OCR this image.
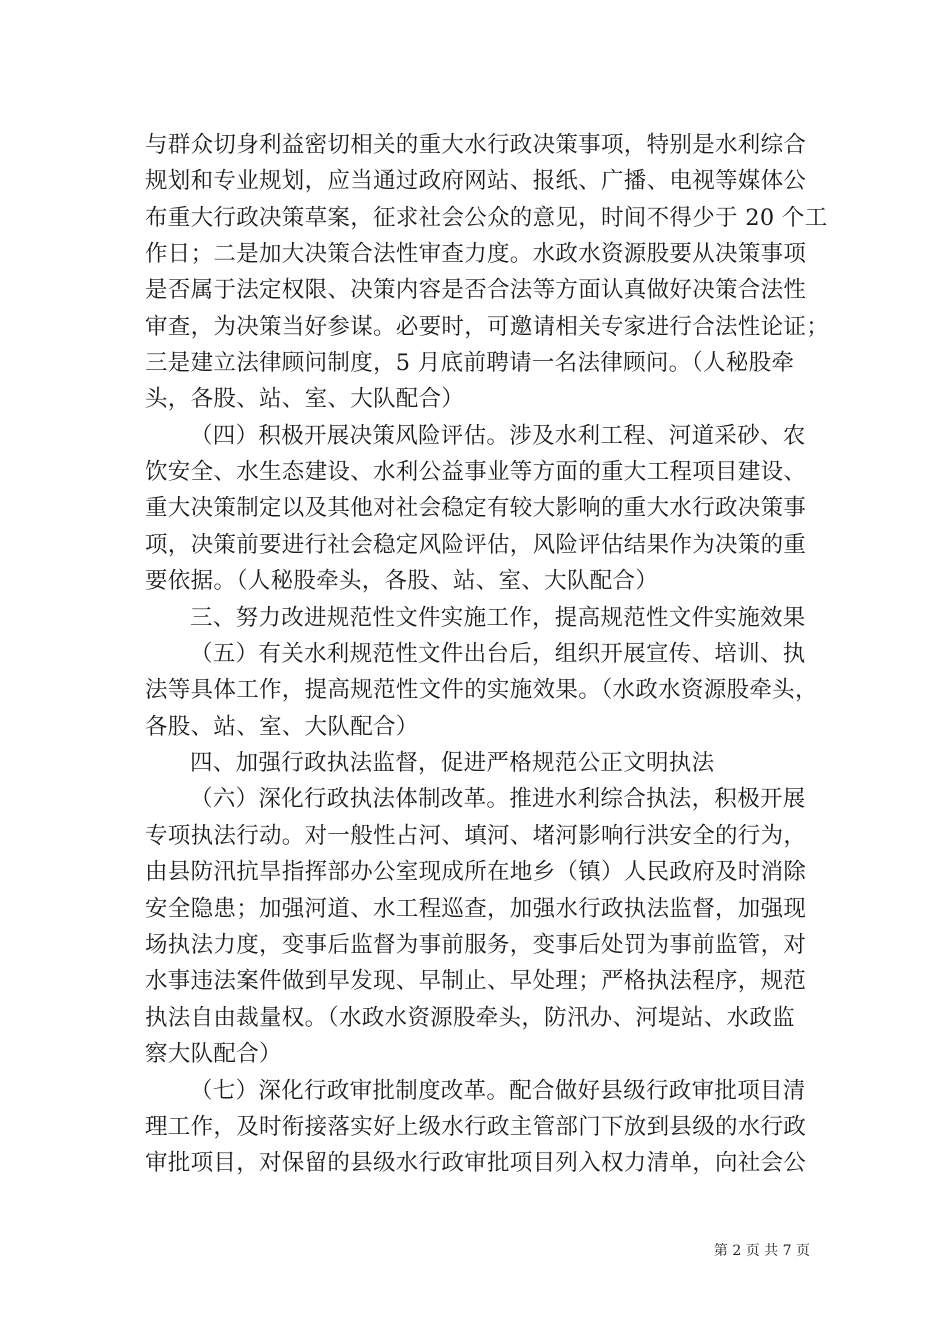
与群众切身利益密切相关的重大水行政决策事项，特别是水利综合
规划和专业规划，应当通过政府网站、报纸、广播、电视等媒体公
布重大行政决策草案，征求社会公众的意见，时间不得少于 20 个工
作日；二是加大决策合法性审查力度。水政水资源股要从决策事项
是否属于法定权限、决策内容是否合法等方面认真做好决策合法性
审查，为决策当好参谋。必要时，可邀请相关专家进行合法性论证；
三是建立法律顾问制度，5 月底前聘请一名法律顾问。（人秘股牵
头，各股、站、室、大队配合）
（四）积极开展决策风险评估。涉及水利工程、河道采砂、农
饮安全、水生态建设、水利公益事业等方面的重大工程项目建设、
重大决策制定以及其他对社会稳定有较大影响的重大水行政决策事
项，决策前要进行社会稳定风险评估，风险评估结果作为决策的重
要依据。（人秘股牵头，各股、站、室、大队配合）
三、努力改进规范性文件实施工作，提高规范性文件实施效果
（五）有关水利规范性文件出台后，组织开展宣传、培训、执
法等具体工作，提高规范性文件的实施效果。（水政水资源股牵头，
各股、站、室、大队配合）
四、加强行政执法监督，促进严格规范公正文明执法
（六）深化行政执法体制改革。推进水利综合执法，积极开展
专项执法行动。对一般性占河、填河、堵河影响行洪安全的行为，
由县防汛抗旱指挥部办公室现成所在地乡（镇）人民政府及时消除
安全隐患；加强河道、水工程巡查，加强水行政执法监督，加强现
场执法力度，变事后监督为事前服务，变事后处罚为事前监管，对
水事违法案件做到早发现、早制止、早处理；严格执法程序，规范
执法自由裁量权。（水政水资源股牵头，防汛办、河堤站、水政监
察大队配合）
（七）深化行政审批制度改革。配合做好县级行政审批项目清
理工作，及时衔接落实好上级水行政主管部门下放到县级的水行政
审批项目，对保留的县级水行政审批项目列入权力清单，向社会公
第 2 页 共 7 页
